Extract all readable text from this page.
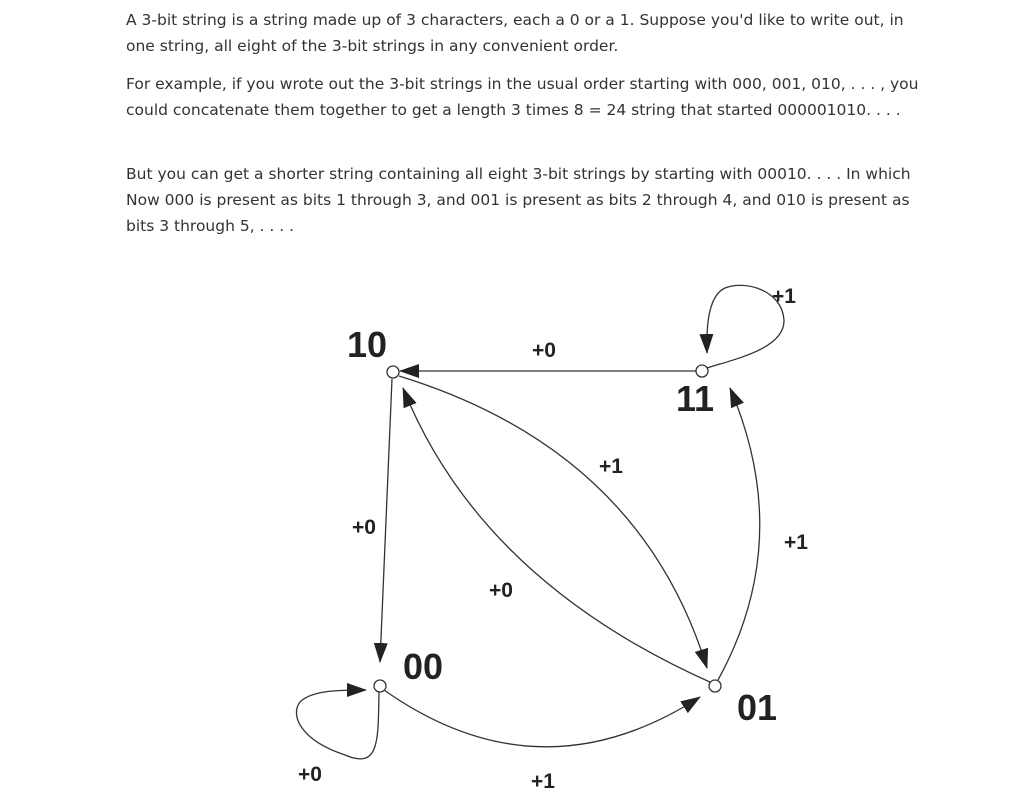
A 3-bit string is a string made up of 3 characters, each a 0 or a 1. Suppose you'd like to write out, in one string, all eight of the 3-bit strings in any convenient order.

For example, if you wrote out the 3-bit strings in the usual order starting with 000, 001, 010, . . . , you could concatenate them together to get a length 3 times 8 = 24 string that started 000001010. . . .

But you can get a shorter string containing all eight 3-bit strings by starting with 00010. . . . In which Now 000 is present as bits 1 through 3, and 001 is present as bits 2 through 4, and 010 is present as bits 3 through 5, . . . .

10
11
00
01
+0
+1
+0
+1
+1
+0
+0	+1
